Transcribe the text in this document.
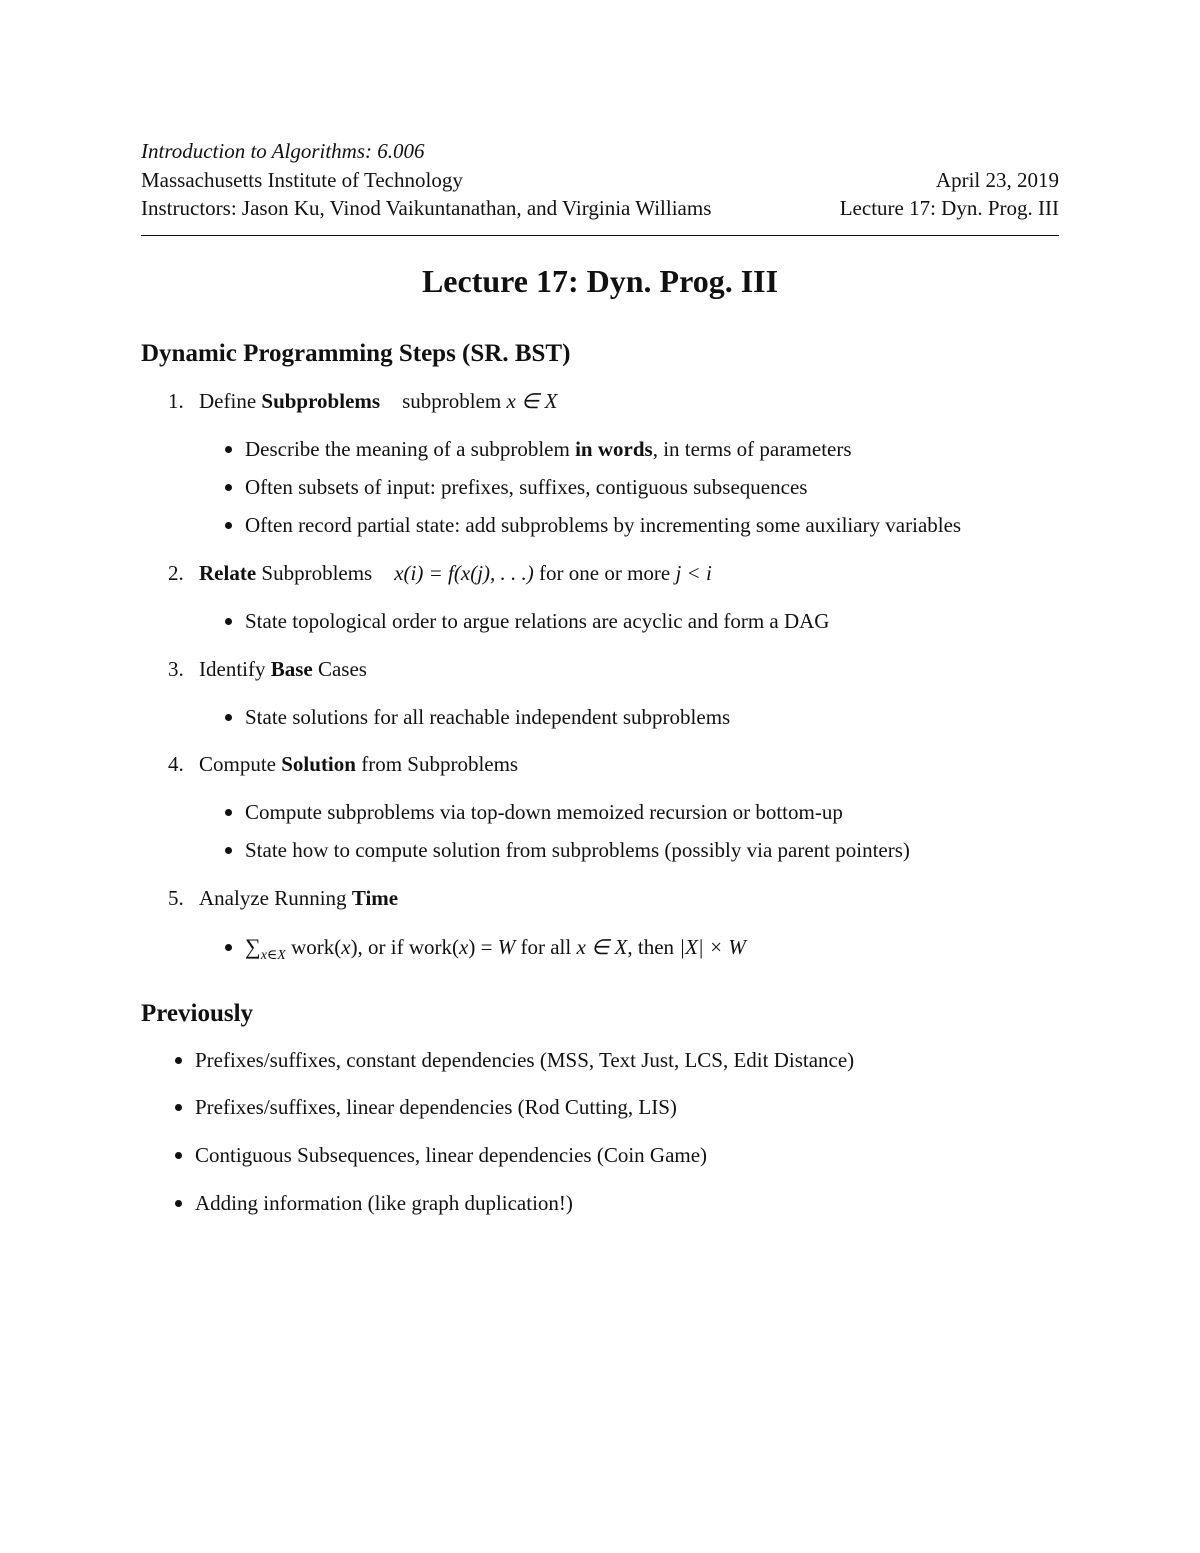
Introduction to Algorithms: 6.006
Massachusetts Institute of Technology	April 23, 2019
Instructors: Jason Ku, Vinod Vaikuntanathan, and Virginia Williams	Lecture 17: Dyn. Prog. III
Lecture 17: Dyn. Prog. III
Dynamic Programming Steps (SR. BST)
1. Define Subproblems subproblem x ∈ X
Describe the meaning of a subproblem in words, in terms of parameters
Often subsets of input: prefixes, suffixes, contiguous subsequences
Often record partial state: add subproblems by incrementing some auxiliary variables
2. Relate Subproblems x(i) = f(x(j), . . .) for one or more j < i
State topological order to argue relations are acyclic and form a DAG
3. Identify Base Cases
State solutions for all reachable independent subproblems
4. Compute Solution from Subproblems
Compute subproblems via top-down memoized recursion or bottom-up
State how to compute solution from subproblems (possibly via parent pointers)
5. Analyze Running Time
$\sum_{x\in X}$ work(x), or if work(x) = W for all x ∈ X, then |X| × W
Previously
Prefixes/suffixes, constant dependencies (MSS, Text Just, LCS, Edit Distance)
Prefixes/suffixes, linear dependencies (Rod Cutting, LIS)
Contiguous Subsequences, linear dependencies (Coin Game)
Adding information (like graph duplication!)
